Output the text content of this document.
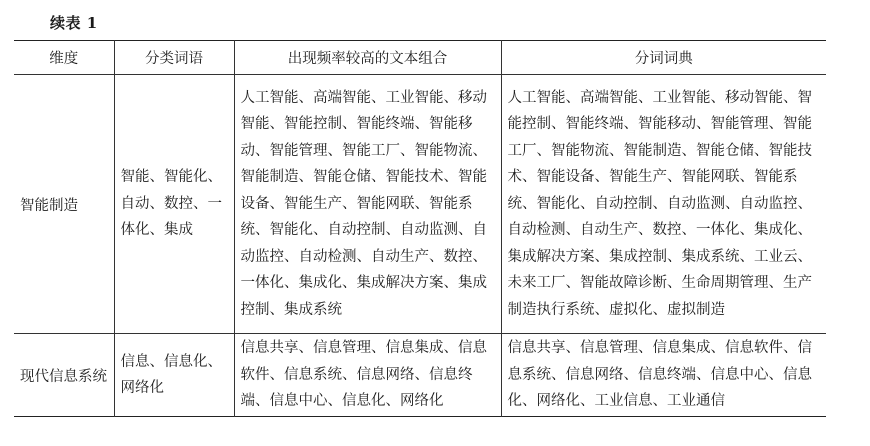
续表 1
维度	分类词语	出现频率较高的文本组合	分词词典
智能制造	智能、智能化、自动、数控、一体化、集成	人工智能、高端智能、工业智能、移动智能、智能控制、智能终端、智能移动、智能管理、智能工厂、智能物流、智能制造、智能仓储、智能技术、智能设备、智能生产、智能网联、智能系统、智能化、自动控制、自动监测、自动监控、自动检测、自动生产、数控、一体化、集成化、集成解决方案、集成控制、集成系统	人工智能、高端智能、工业智能、移动智能、智能控制、智能终端、智能移动、智能管理、智能工厂、智能物流、智能制造、智能仓储、智能技术、智能设备、智能生产、智能网联、智能系统、智能化、自动控制、自动监测、自动监控、自动检测、自动生产、数控、一体化、集成化、集成解决方案、集成控制、集成系统、工业云、未来工厂、智能故障诊断、生命周期管理、生产制造执行系统、虚拟化、虚拟制造
现代信息系统	信息、信息化、网络化	信息共享、信息管理、信息集成、信息软件、信息系统、信息网络、信息终端、信息中心、信息化、网络化	信息共享、信息管理、信息集成、信息软件、信息系统、信息网络、信息终端、信息中心、信息化、网络化、工业信息、工业通信
